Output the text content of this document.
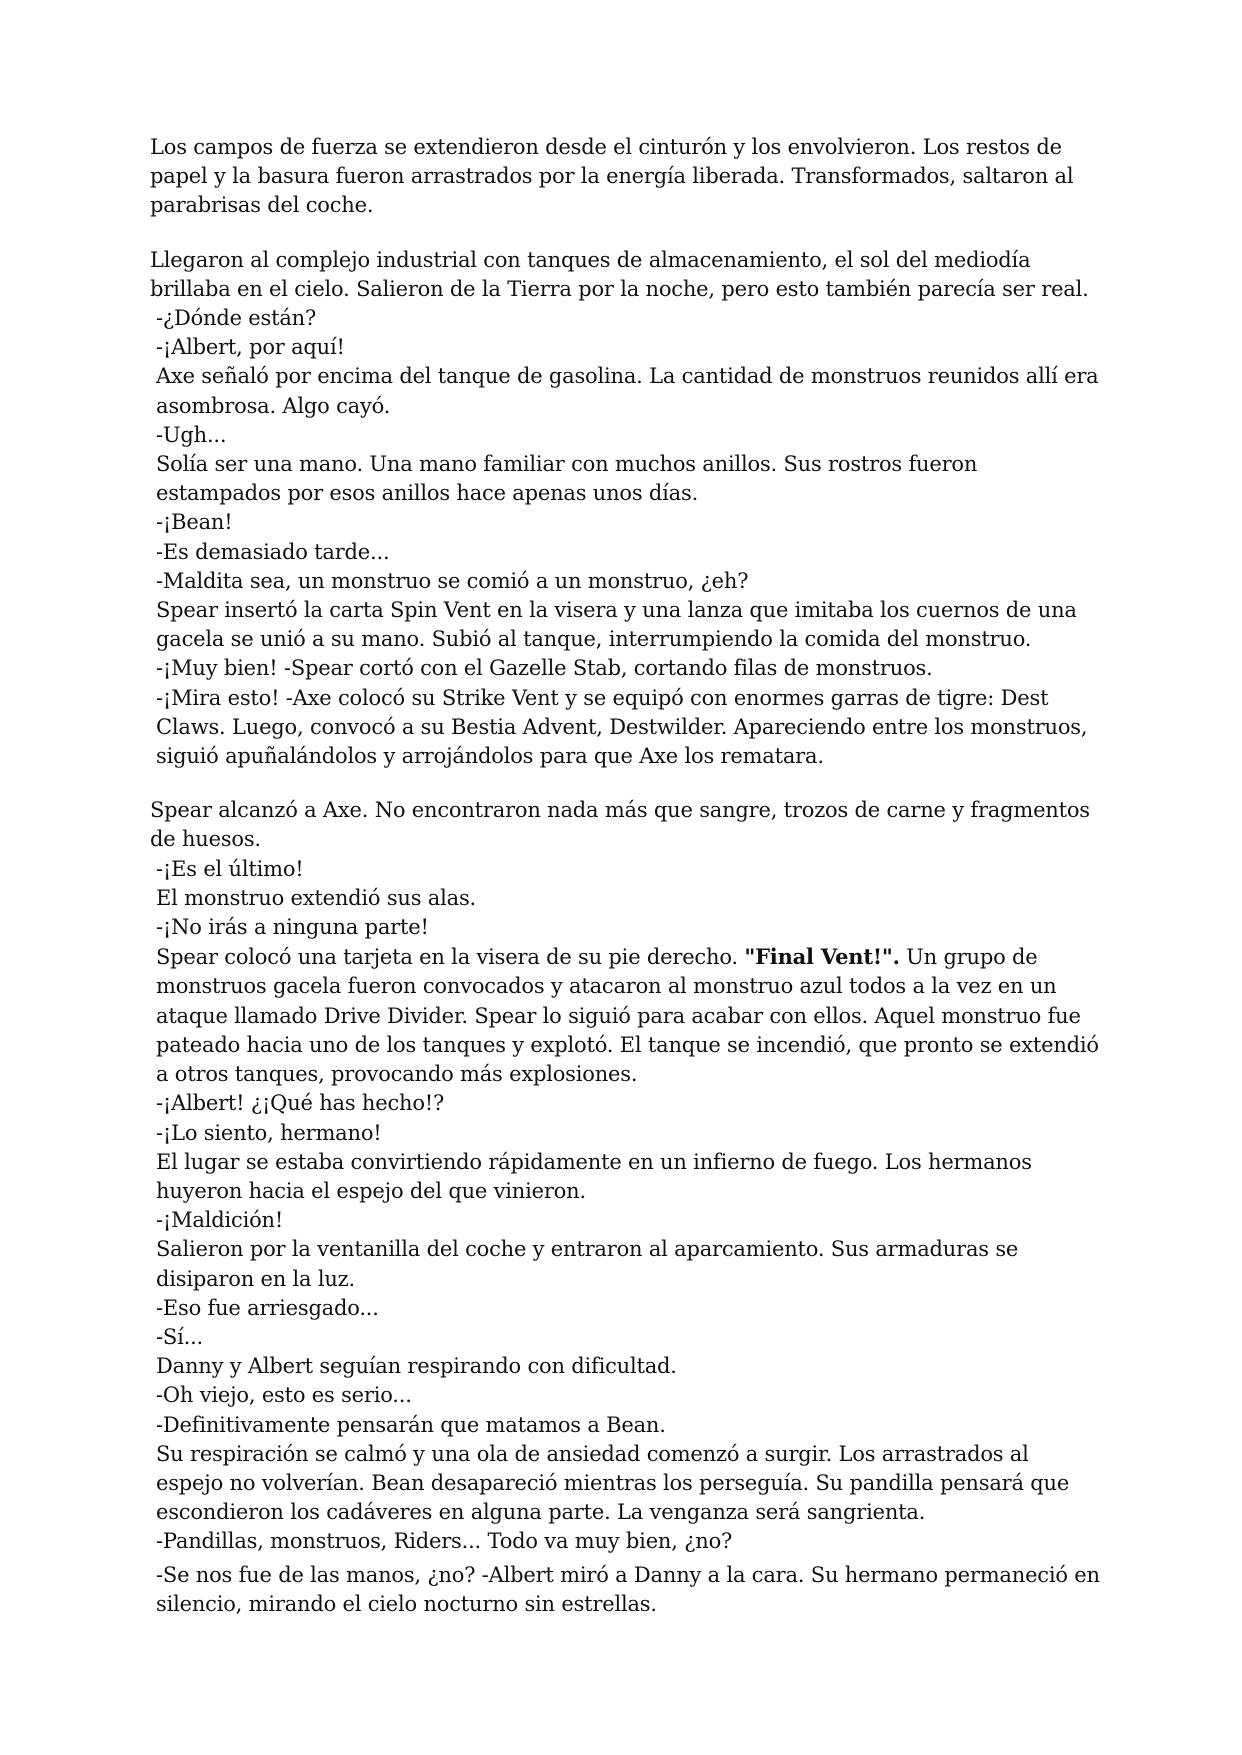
Los campos de fuerza se extendieron desde el cinturón y los envolvieron. Los restos de papel y la basura fueron arrastrados por la energía liberada. Transformados, saltaron al parabrisas del coche.

Llegaron al complejo industrial con tanques de almacenamiento, el sol del mediodía brillaba en el cielo. Salieron de la Tierra por la noche, pero esto también parecía ser real.

-¿Dónde están?

-¡Albert, por aquí!

Axe señaló por encima del tanque de gasolina. La cantidad de monstruos reunidos allí era asombrosa. Algo cayó.

-Ugh...

Solía ser una mano. Una mano familiar con muchos anillos. Sus rostros fueron estampados por esos anillos hace apenas unos días.

-¡Bean!

-Es demasiado tarde...

-Maldita sea, un monstruo se comió a un monstruo, ¿eh?

Spear insertó la carta Spin Vent en la visera y una lanza que imitaba los cuernos de una gacela se unió a su mano. Subió al tanque, interrumpiendo la comida del monstruo.

-¡Muy bien! -Spear cortó con el Gazelle Stab, cortando filas de monstruos.

-¡Mira esto! -Axe colocó su Strike Vent y se equipó con enormes garras de tigre: Dest Claws. Luego, convocó a su Bestia Advent, Destwilder. Apareciendo entre los monstruos, siguió apuñalándolos y arrojándolos para que Axe los rematara.

Spear alcanzó a Axe. No encontraron nada más que sangre, trozos de carne y fragmentos de huesos.

-¡Es el último!

El monstruo extendió sus alas.

-¡No irás a ninguna parte!

Spear colocó una tarjeta en la visera de su pie derecho. "Final Vent!". Un grupo de monstruos gacela fueron convocados y atacaron al monstruo azul todos a la vez en un ataque llamado Drive Divider. Spear lo siguió para acabar con ellos. Aquel monstruo fue pateado hacia uno de los tanques y explotó. El tanque se incendió, que pronto se extendió a otros tanques, provocando más explosiones.

-¡Albert! ¿¡Qué has hecho!?

-¡Lo siento, hermano!

El lugar se estaba convirtiendo rápidamente en un infierno de fuego. Los hermanos huyeron hacia el espejo del que vinieron.

-¡Maldición!

Salieron por la ventanilla del coche y entraron al aparcamiento. Sus armaduras se disiparon en la luz.

-Eso fue arriesgado...

-Sí...

Danny y Albert seguían respirando con dificultad.

-Oh viejo, esto es serio...

-Definitivamente pensarán que matamos a Bean.

Su respiración se calmó y una ola de ansiedad comenzó a surgir. Los arrastrados al espejo no volverían. Bean desapareció mientras los perseguía. Su pandilla pensará que escondieron los cadáveres en alguna parte. La venganza será sangrienta.

-Pandillas, monstruos, Riders... Todo va muy bien, ¿no?

-Se nos fue de las manos, ¿no? -Albert miró a Danny a la cara. Su hermano permaneció en silencio, mirando el cielo nocturno sin estrellas.
